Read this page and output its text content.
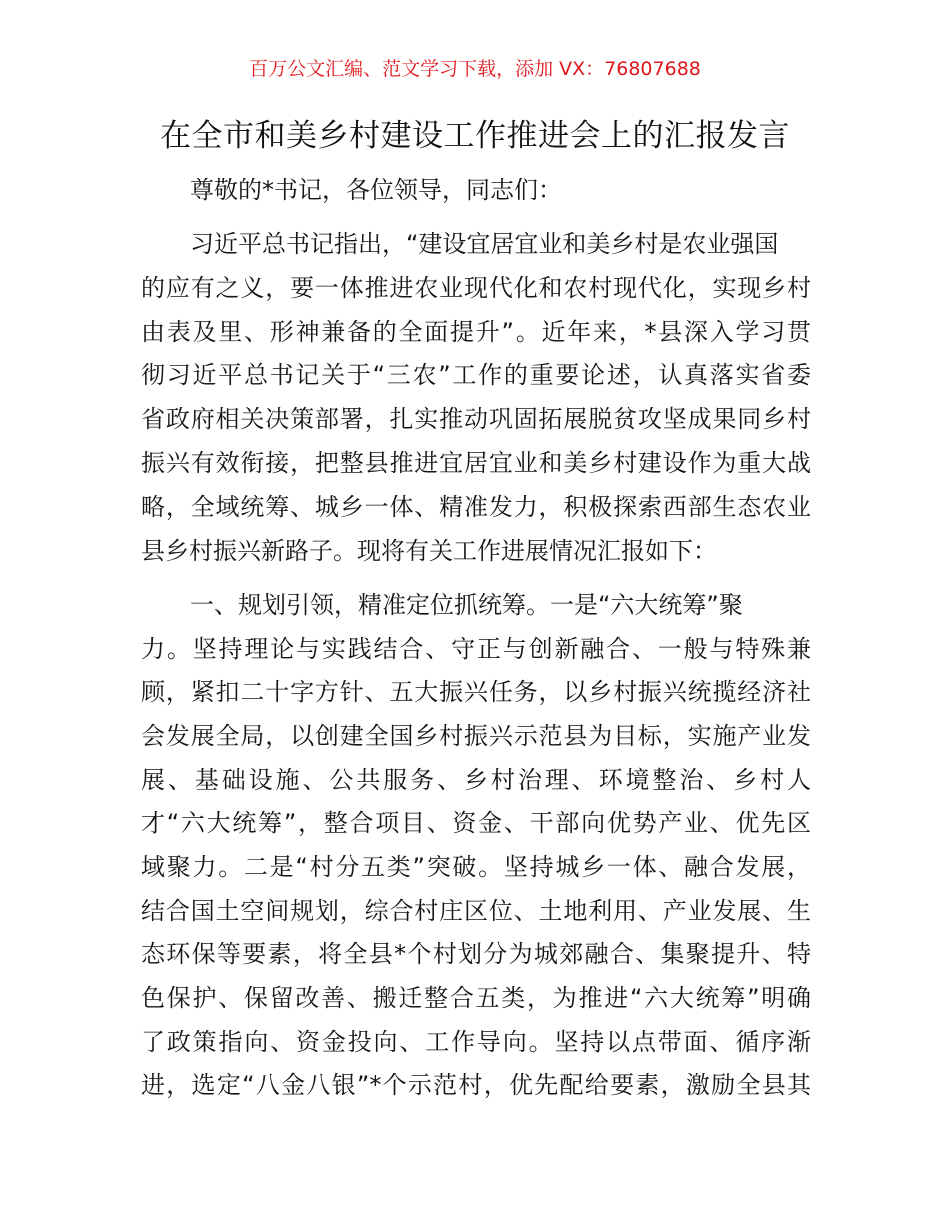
百万公文汇编、范文学习下载，添加 VX：76807688
在全市和美乡村建设工作推进会上的汇报发言
尊敬的*书记，各位领导，同志们：
习近平总书记指出，“建设宜居宜业和美乡村是农业强国
的应有之义，要一体推进农业现代化和农村现代化，实现乡村
由表及里、形神兼备的全面提升”。近年来，*县深入学习贯
彻习近平总书记关于“三农”工作的重要论述，认真落实省委
省政府相关决策部署，扎实推动巩固拓展脱贫攻坚成果同乡村
振兴有效衔接，把整县推进宜居宜业和美乡村建设作为重大战
略，全域统筹、城乡一体、精准发力，积极探索西部生态农业
县乡村振兴新路子。现将有关工作进展情况汇报如下：
一、规划引领，精准定位抓统筹。一是“六大统筹”聚
力。坚持理论与实践结合、守正与创新融合、一般与特殊兼
顾，紧扣二十字方针、五大振兴任务，以乡村振兴统揽经济社
会发展全局，以创建全国乡村振兴示范县为目标，实施产业发
展、基础设施、公共服务、乡村治理、环境整治、乡村人
才“六大统筹”，整合项目、资金、干部向优势产业、优先区
域聚力。二是“村分五类”突破。坚持城乡一体、融合发展，
结合国土空间规划，综合村庄区位、土地利用、产业发展、生
态环保等要素，将全县*个村划分为城郊融合、集聚提升、特
色保护、保留改善、搬迁整合五类，为推进“六大统筹”明确
了政策指向、资金投向、工作导向。坚持以点带面、循序渐
进，选定“八金八银”*个示范村，优先配给要素，激励全县其
